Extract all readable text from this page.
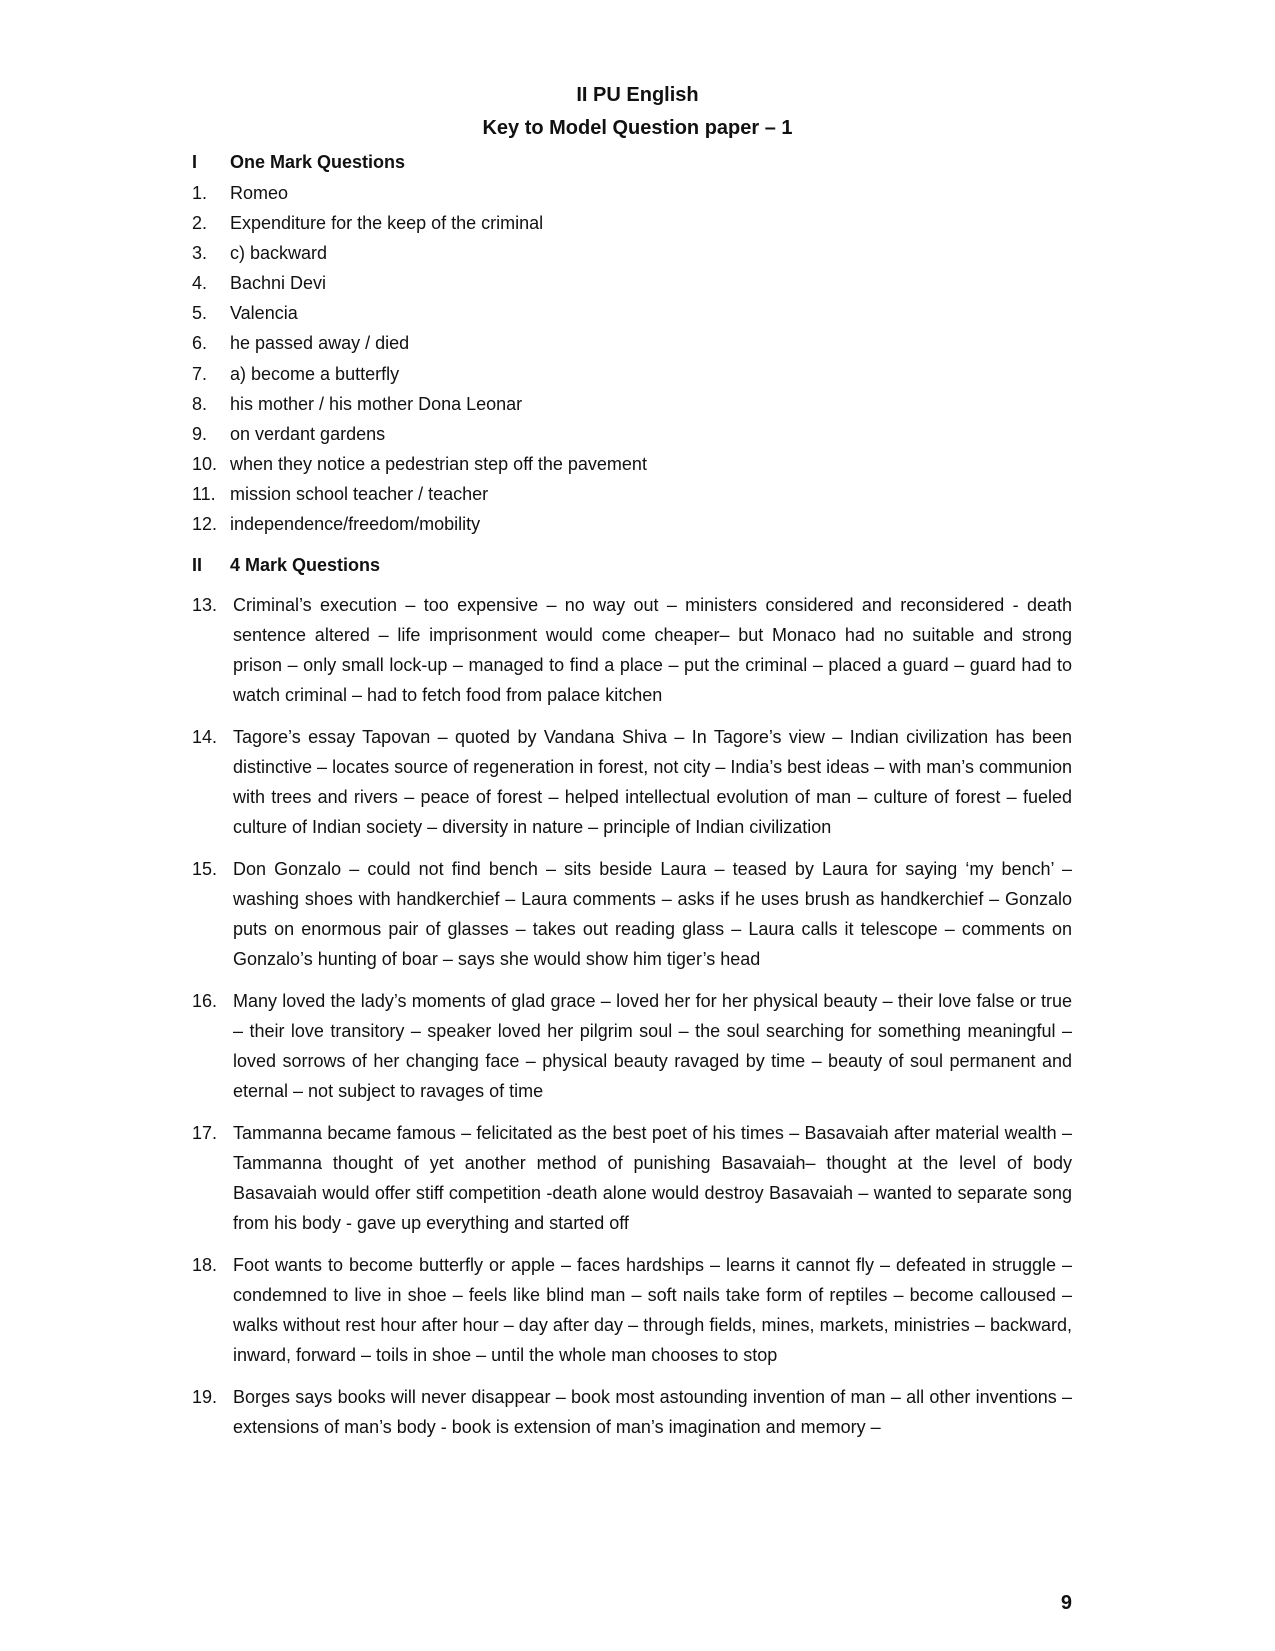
II PU English
Key to Model Question paper – 1
I One Mark Questions
1. Romeo
2. Expenditure for the keep of the criminal
3. c) backward
4. Bachni Devi
5. Valencia
6. he passed away / died
7. a) become a butterfly
8. his mother / his mother Dona Leonar
9. on verdant gardens
10. when they notice a pedestrian step off the pavement
11. mission school teacher / teacher
12. independence/freedom/mobility
II 4 Mark Questions
13. Criminal’s execution – too expensive – no way out – ministers considered and reconsidered - death sentence altered – life imprisonment would come cheaper– but Monaco had no suitable and strong prison – only small lock-up – managed to find a place – put the criminal – placed a guard – guard had to watch criminal – had to fetch food from palace kitchen
14. Tagore’s essay Tapovan – quoted by Vandana Shiva – In Tagore’s view – Indian civilization has been distinctive – locates source of regeneration in forest, not city – India’s best ideas – with man’s communion with trees and rivers – peace of forest – helped intellectual evolution of man – culture of forest – fueled culture of Indian society – diversity in nature – principle of Indian civilization
15. Don Gonzalo – could not find bench – sits beside Laura – teased by Laura for saying ‘my bench’ – washing shoes with handkerchief – Laura comments – asks if he uses brush as handkerchief – Gonzalo puts on enormous pair of glasses – takes out reading glass – Laura calls it telescope – comments on Gonzalo’s hunting of boar – says she would show him tiger’s head
16. Many loved the lady’s moments of glad grace – loved her for her physical beauty – their love false or true – their love transitory – speaker loved her pilgrim soul – the soul searching for something meaningful – loved sorrows of her changing face – physical beauty ravaged by time – beauty of soul permanent and eternal – not subject to ravages of time
17. Tammanna became famous – felicitated as the best poet of his times – Basavaiah after material wealth – Tammanna thought of yet another method of punishing Basavaiah– thought at the level of body Basavaiah would offer stiff competition -death alone would destroy Basavaiah – wanted to separate song from his body - gave up everything and started off
18. Foot wants to become butterfly or apple – faces hardships – learns it cannot fly – defeated in struggle – condemned to live in shoe – feels like blind man – soft nails take form of reptiles – become calloused – walks without rest hour after hour – day after day – through fields, mines, markets, ministries – backward, inward, forward – toils in shoe – until the whole man chooses to stop
19. Borges says books will never disappear – book most astounding invention of man – all other inventions – extensions of man’s body - book is extension of man’s imagination and memory –
9
